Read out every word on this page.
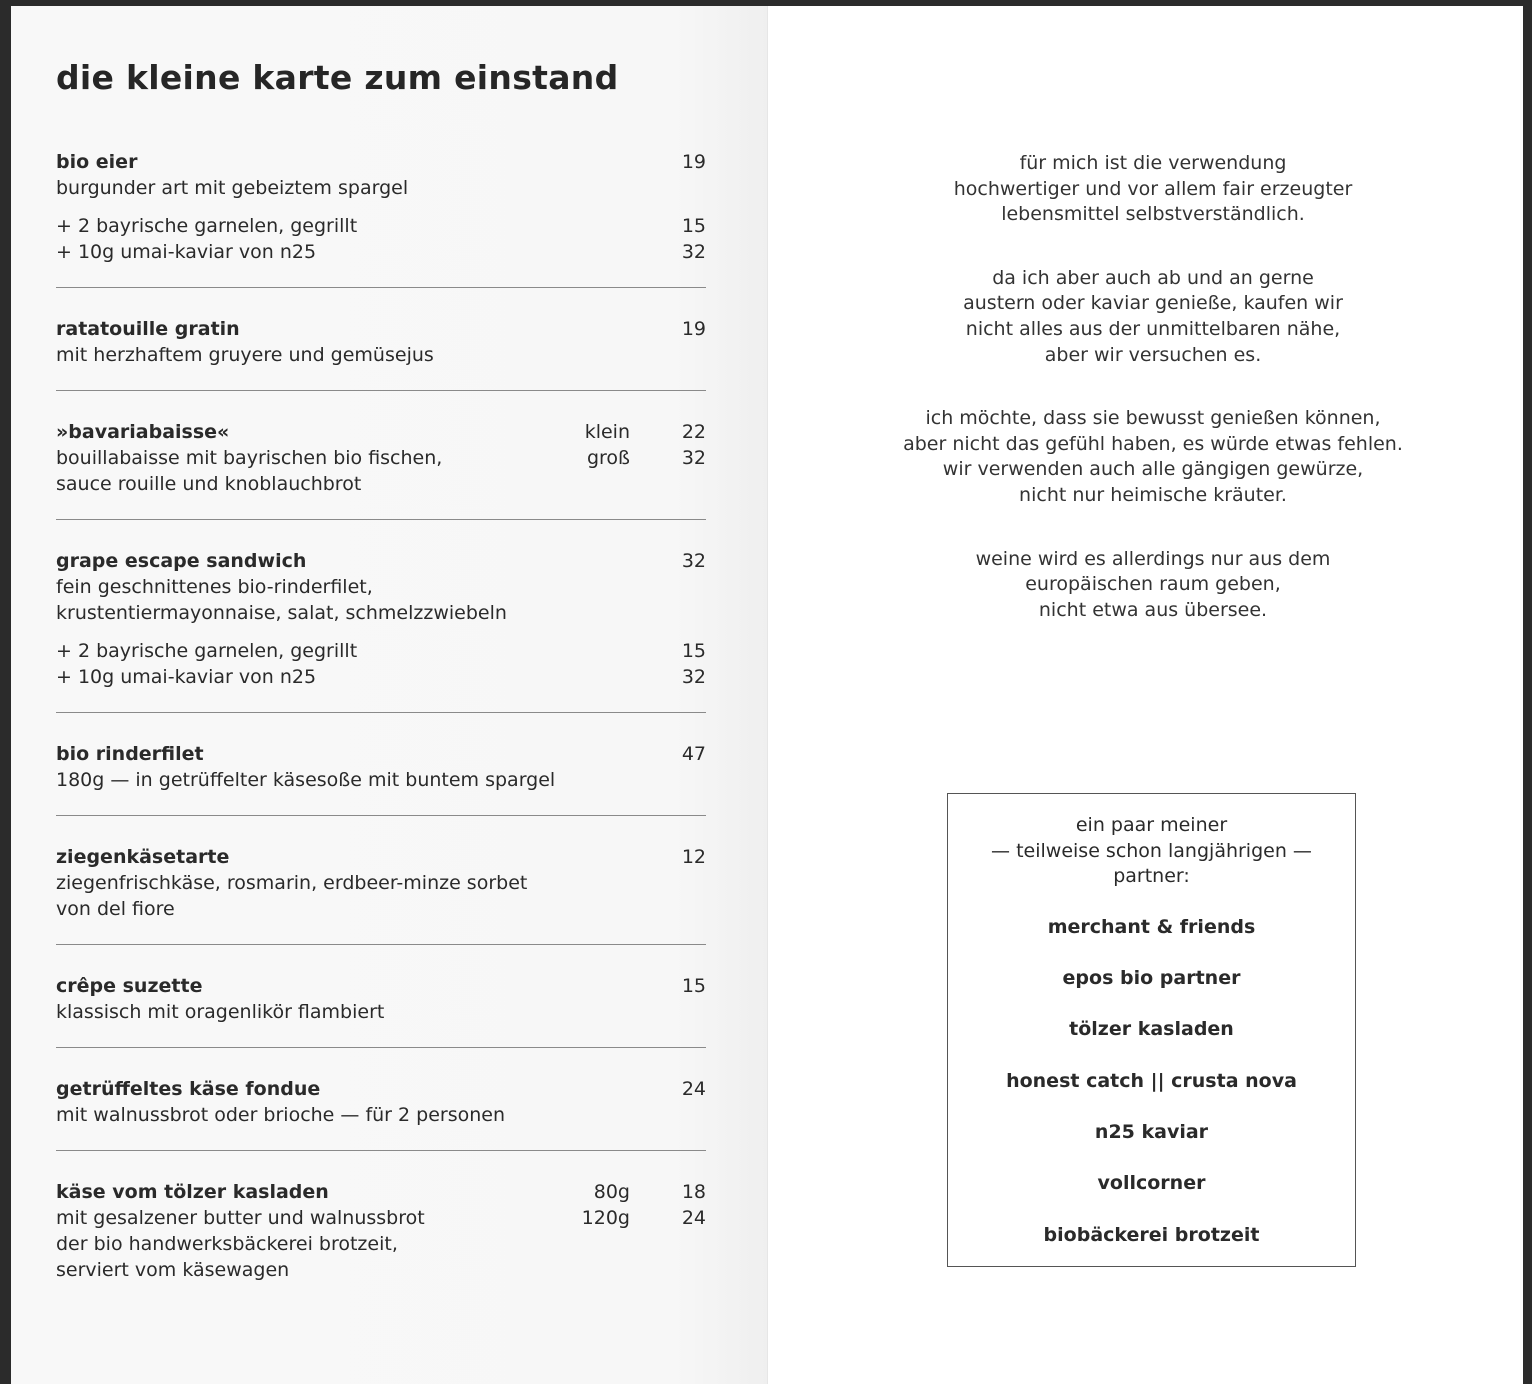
die kleine karte zum einstand
bio eier	19
burgunder art mit gebeiztem spargel
+ 2 bayrische garnelen, gegrillt	15
+ 10g umai-kaviar von n25	32
ratatouille gratin	19
mit herzhaftem gruyere und gemüsejus
»bavariabaisse«	klein	22
bouillabaisse mit bayrischen bio fischen,	groß	32
sauce rouille und knoblauchbrot
grape escape sandwich	32
fein geschnittenes bio-rinderfilet,
krustentiermayonnaise, salat, schmelzzwiebeln
+ 2 bayrische garnelen, gegrillt	15
+ 10g umai-kaviar von n25	32
bio rinderfilet	47
180g — in getrüffelter käsesoße mit buntem spargel
ziegenkäsetarte	12
ziegenfrischkäse, rosmarin, erdbeer-minze sorbet
von del fiore
crêpe suzette	15
klassisch mit oragenlikör flambiert
getrüffeltes käse fondue	24
mit walnussbrot oder brioche — für 2 personen
käse vom tölzer kasladen	80g	18
mit gesalzener butter und walnussbrot	120g	24
der bio handwerksbäckerei brotzeit,
serviert vom käsewagen

für mich ist die verwendung
hochwertiger und vor allem fair erzeugter
lebensmittel selbstverständlich.

da ich aber auch ab und an gerne
austern oder kaviar genieße, kaufen wir
nicht alles aus der unmittelbaren nähe,
aber wir versuchen es.

ich möchte, dass sie bewusst genießen können,
aber nicht das gefühl haben, es würde etwas fehlen.
wir verwenden auch alle gängigen gewürze,
nicht nur heimische kräuter.

weine wird es allerdings nur aus dem
europäischen raum geben,
nicht etwa aus übersee.

ein paar meiner
— teilweise schon langjährigen —
partner:

merchant & friends
epos bio partner
tölzer kasladen
honest catch || crusta nova
n25 kaviar
vollcorner
biobäckerei brotzeit
